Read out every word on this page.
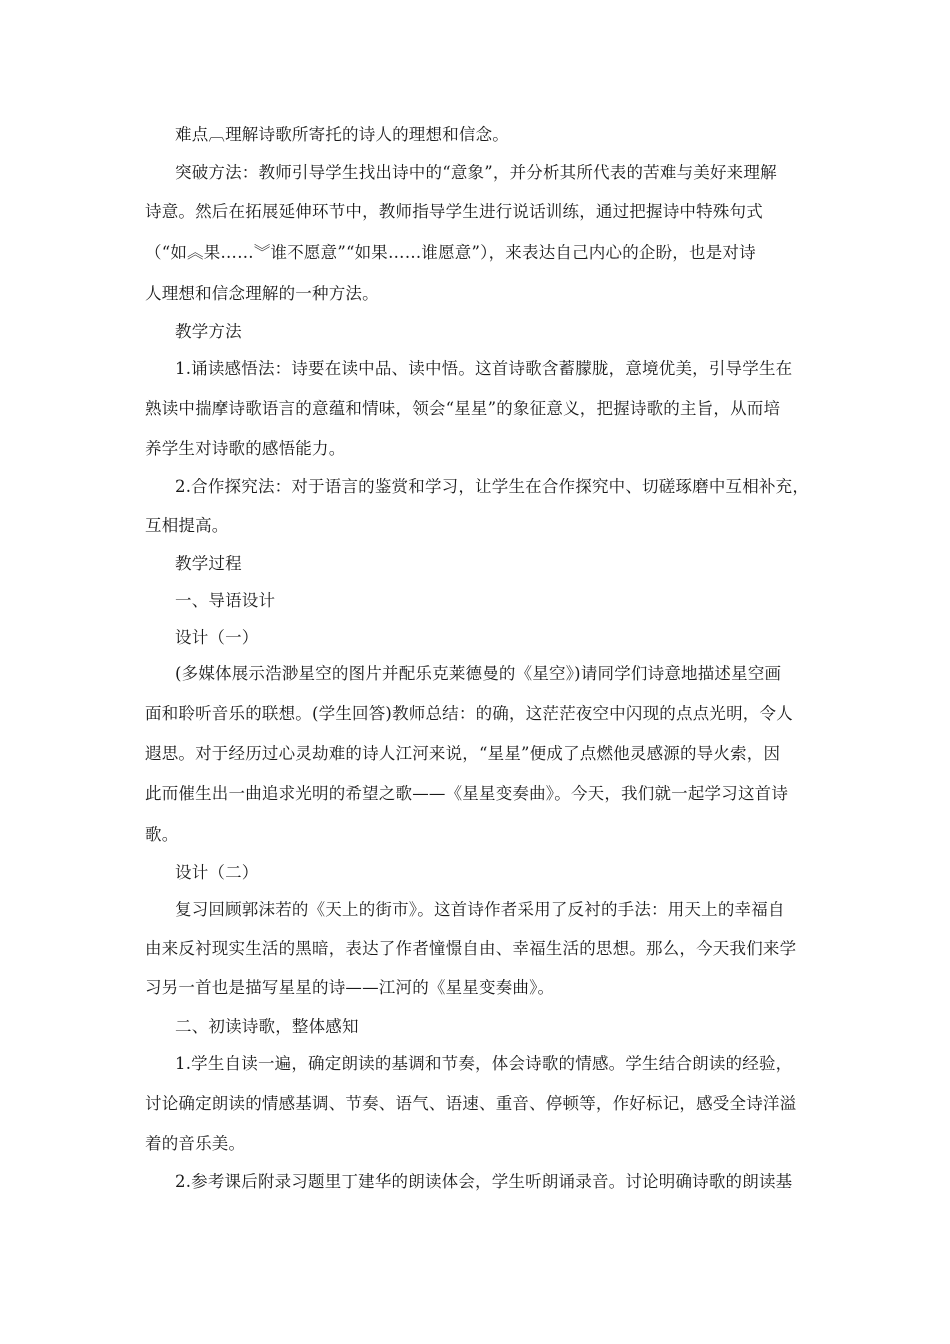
难点︹理解诗歌所寄托的诗人的理想和信念。
突破方法：教师引导学生找出诗中的“意象”，并分析其所代表的苦难与美好来理解
诗意。然后在拓展延伸环节中，教师指导学生进行说话训练，通过把握诗中特殊句式
（“如︽果……︾谁不愿意”“如果……谁愿意”），来表达自己内心的企盼，也是对诗
人理想和信念理解的一种方法。
教学方法
1.诵读感悟法：诗要在读中品、读中悟。这首诗歌含蓄朦胧，意境优美，引导学生在
熟读中揣摩诗歌语言的意蕴和情味，领会“星星”的象征意义，把握诗歌的主旨，从而培
养学生对诗歌的感悟能力。
2.合作探究法：对于语言的鉴赏和学习，让学生在合作探究中、切磋琢磨中互相补充，
互相提高。
教学过程
一、导语设计
设计（一）
(多媒体展示浩渺星空的图片并配乐克莱德曼的《星空》)请同学们诗意地描述星空画
面和聆听音乐的联想。(学生回答)教师总结：的确，这茫茫夜空中闪现的点点光明，令人
遐思。对于经历过心灵劫难的诗人江河来说，“星星”便成了点燃他灵感源的导火索，因
此而催生出一曲追求光明的希望之歌——《星星变奏曲》。今天，我们就一起学习这首诗
歌。
设计（二）
复习回顾郭沫若的《天上的街市》。这首诗作者采用了反衬的手法：用天上的幸福自
由来反衬现实生活的黑暗，表达了作者憧憬自由、幸福生活的思想。那么，今天我们来学
习另一首也是描写星星的诗——江河的《星星变奏曲》。
二、初读诗歌，整体感知
1.学生自读一遍，确定朗读的基调和节奏，体会诗歌的情感。学生结合朗读的经验，
讨论确定朗读的情感基调、节奏、语气、语速、重音、停顿等，作好标记，感受全诗洋溢
着的音乐美。
2.参考课后附录习题里丁建华的朗读体会，学生听朗诵录音。讨论明确诗歌的朗读基
